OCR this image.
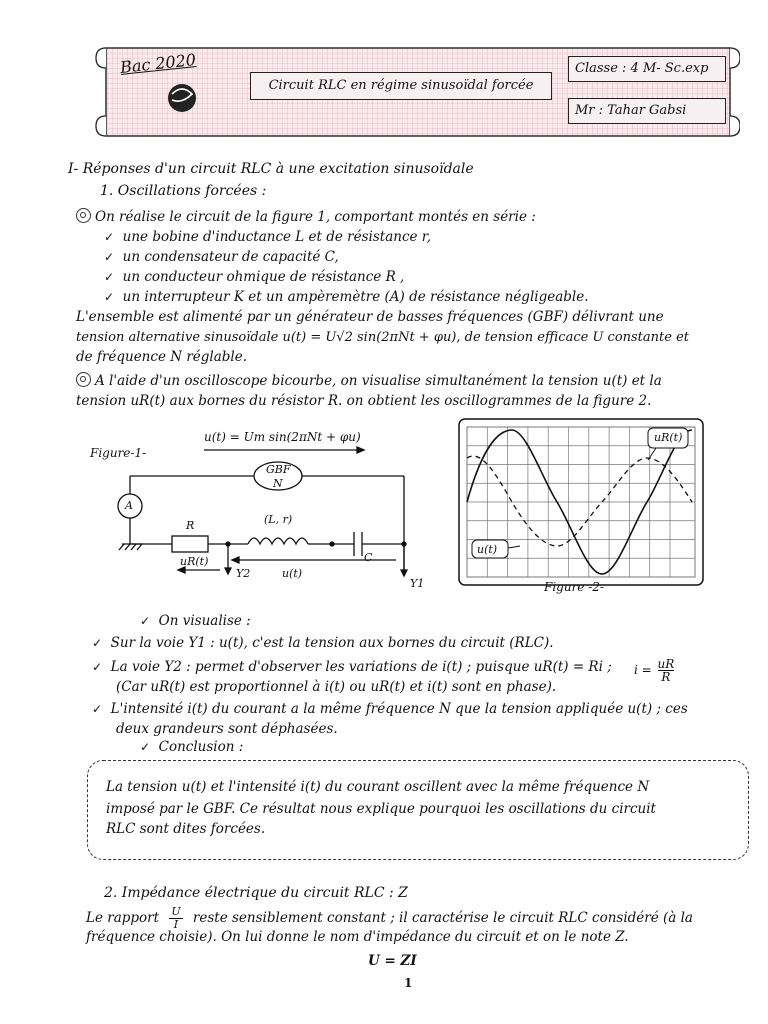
Bac 2020
Circuit RLC en régime sinusoïdal forcée
Classe : 4 M- Sc.exp
Mr : Tahar Gabsi
I- Réponses d'un circuit RLC à une excitation sinusoïdale
1. Oscillations forcées :
On réalise le circuit de la figure 1, comportant montés en série :
✓ une bobine d'inductance L et de résistance r,
✓ un condensateur de capacité C,
✓ un conducteur ohmique de résistance R ,
✓ un interrupteur K et un ampèremètre (A) de résistance négligeable.
L'ensemble est alimenté par un générateur de basses fréquences (GBF) délivrant une
tension alternative sinusoïdale u(t) = U√2 sin(2πNt + φu), de tension efficace U constante et
de fréquence N réglable.
A l'aide d'un oscilloscope bicourbe, on visualise simultanément la tension u(t) et la
tension uR(t) aux bornes du résistor R. on obtient les oscillogrammes de la figure 2.
Figure-1-
u(t) = Um sin(2πNt + φu)
GBF
N
A
R	(L, r)
C
uR(t)
u(t)
Y2
Y1
uR(t)
u(t)
Figure -2-
✓ On visualise :
✓ Sur la voie Y1 : u(t), c'est la tension aux bornes du circuit (RLC).
✓ La voie Y2 : permet d'observer les variations de i(t) ; puisque uR(t) = Ri ; $i = \frac{uR}{R}$
(Car uR(t) est proportionnel à i(t) ou uR(t) et i(t) sont en phase).
✓ L'intensité i(t) du courant a la même fréquence N que la tension appliquée u(t) ; ces
deux grandeurs sont déphasées.
✓ Conclusion :
La tension u(t) et l'intensité i(t) du courant oscillent avec la même fréquence N
imposé par le GBF. Ce résultat nous explique pourquoi les oscillations du circuit
RLC sont dites forcées.
2. Impédance électrique du circuit RLC : Z
Le rapport $\frac{U}{I}$ reste sensiblement constant ; il caractérise le circuit RLC considéré (à la
fréquence choisie). On lui donne le nom d'impédance du circuit et on le note Z.
U = ZI
1
